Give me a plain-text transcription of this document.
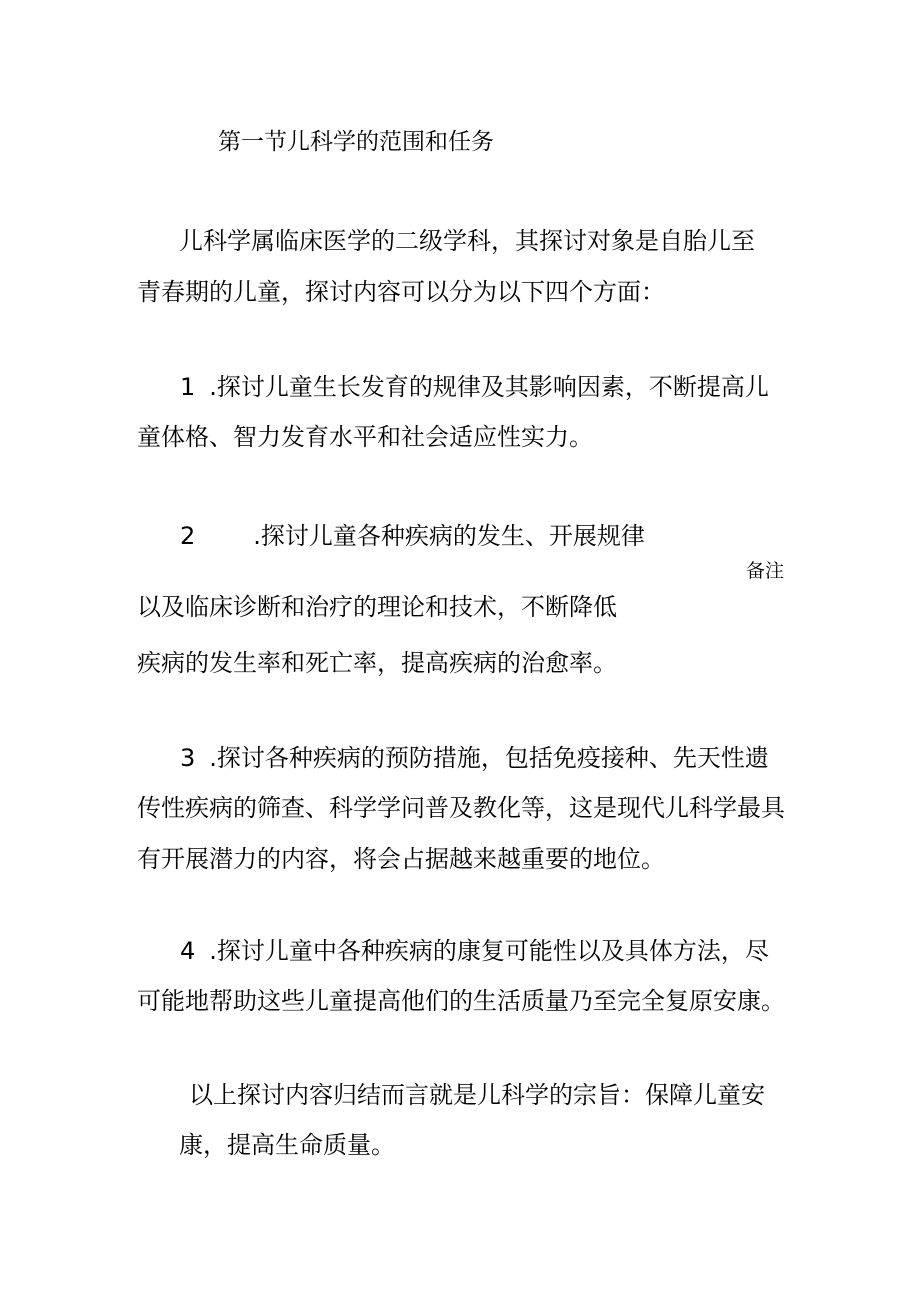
第一节儿科学的范围和任务
儿科学属临床医学的二级学科，其探讨对象是自胎儿至
青春期的儿童，探讨内容可以分为以下四个方面：
1 .探讨儿童生长发育的规律及其影响因素，不断提高儿
童体格、智力发育水平和社会适应性实力。
2 .探讨儿童各种疾病的发生、开展规律
备注
以及临床诊断和治疗的理论和技术，不断降低
疾病的发生率和死亡率，提高疾病的治愈率。
3 .探讨各种疾病的预防措施，包括免疫接种、先天性遗
传性疾病的筛查、科学学问普及教化等，这是现代儿科学最具
有开展潜力的内容，将会占据越来越重要的地位。
4 .探讨儿童中各种疾病的康复可能性以及具体方法，尽
可能地帮助这些儿童提高他们的生活质量乃至完全复原安康。
以上探讨内容归结而言就是儿科学的宗旨：保障儿童安
康，提高生命质量。
